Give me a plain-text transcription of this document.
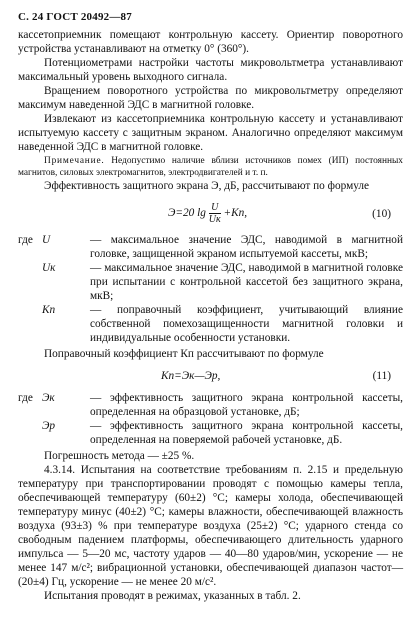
С. 24 ГОСТ 20492—87

кассетоприемник помещают контрольную кассету. Ориентир поворотного устройства устанавливают на отметку 0° (360°).

Потенциометрами настройки частоты микровольтметра устанавливают максимальный уровень выходного сигнала.

Вращением поворотного устройства по микровольтметру определяют максимум наведенной ЭДС в магнитной головке.

Извлекают из кассетоприемника контрольную кассету и устанавливают испытуемую кассету с защитным экраном. Аналогично определяют максимум наведенной ЭДС в магнитной головке.

Примечание. Недопустимо наличие вблизи источников помех (ИП) постоянных магнитов, силовых электромагнитов, электродвигателей и т. п.

Эффективность защитного экрана Э, дБ, рассчитывают по формуле

Э=20 $\lg \frac{U}{Uк} +Кп$,	(10)
где U	— максимальное значение ЭДС, наводимой в магнитной головке, защищенной экраном испытуемой кассеты, мкВ;
Uк	— максимальное значение ЭДС, наводимой в магнитной головке при испытании с контрольной кассетой без защитного экрана, мкВ;
Кп	— поправочный коэффициент, учитывающий влияние собственной помехозащищенности магнитной головки и индивидуальные особенности установки.

Поправочный коэффициент Кп рассчитывают по формуле

Кп=Эк—Эр,	(11)
где Эк	— эффективность защитного экрана контрольной кассеты, определенная на образцовой установке, дБ;
Эр	— эффективность защитного экрана контрольной кассеты, определенная на поверяемой рабочей установке, дБ.

Погрешность метода — ±25 %.

4.3.14. Испытания на соответствие требованиям п. 2.15 и предельную температуру при транспортировании проводят с помощью камеры тепла, обеспечивающей температуру (60±2) °С; камеры холода, обеспечивающей температуру минус (40±2) °С; камеры влажности, обеспечивающей влажность воздуха (93±3) % при температуре воздуха (25±2) °С; ударного стенда со свободным падением платформы, обеспечивающего длительность ударного импульса — 5—20 мс, частоту ударов — 40—80 ударов/мин, ускорение — не менее 147 м/с²; вибрационной установки, обеспечивающей диапазон частот—(20±4) Гц, ускорение — не менее 20 м/с².

Испытания проводят в режимах, указанных в табл. 2.
